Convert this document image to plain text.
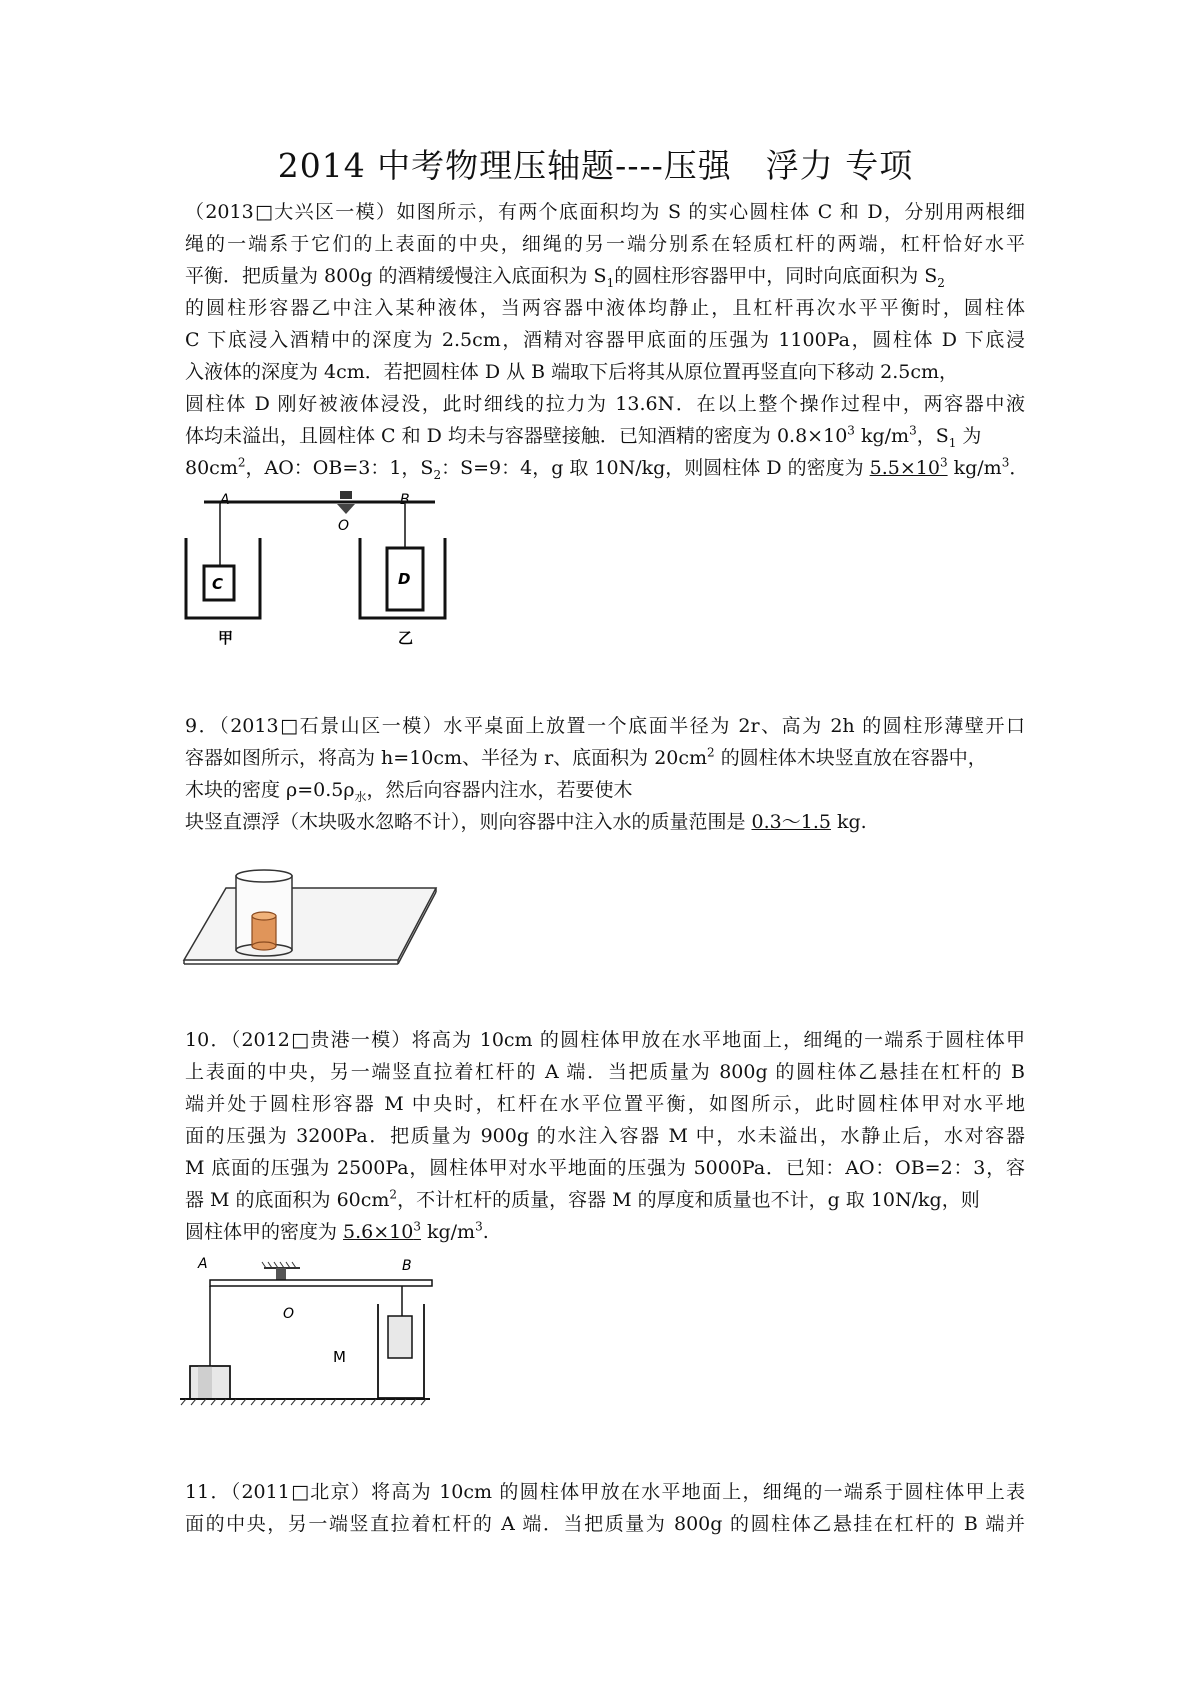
2014 中考物理压轴题----压强　浮力 专项
（2013□大兴区一模）如图所示，有两个底面积均为 S 的实心圆柱体 C 和 D，分别用两根细
绳的一端系于它们的上表面的中央，细绳的另一端分别系在轻质杠杆的两端，杠杆恰好水平
平衡．把质量为 800g 的酒精缓慢注入底面积为 $S_1$的圆柱形容器甲中，同时向底面积为 $S_2$
的圆柱形容器乙中注入某种液体，当两容器中液体均静止，且杠杆再次水平平衡时，圆柱体
C 下底浸入酒精中的深度为 2.5cm，酒精对容器甲底面的压强为 1100Pa，圆柱体 D 下底浸
入液体的深度为 4cm．若把圆柱体 D 从 B 端取下后将其从原位置再竖直向下移动 2.5cm，
圆柱体 D 刚好被液体浸没，此时细线的拉力为 13.6N．在以上整个操作过程中，两容器中液
体均未溢出，且圆柱体 C 和 D 均未与容器壁接触．已知酒精的密度为 $0.8\times 10^3$ $kg/m^3$，$S_1$ 为
$80cm^2$，AO：OB=3：1，$S_2$：S=9：4，g 取 10N/kg，则圆柱体 D 的密度为 $5.5\times 10^3$ $kg/m^3$．
A	B
O
C	D
甲	乙
9．（2013□石景山区一模）水平桌面上放置一个底面半径为 2r、高为 2h 的圆柱形薄壁开口
容器如图所示，将高为 h=10cm、半径为 r、底面积为 $20cm^2$ 的圆柱体木块竖直放在容器中，
木块的密度 $\rho=0.5\rho_水$，然后向容器内注水，若要使木
块竖直漂浮（木块吸水忽略不计），则向容器中注入水的质量范围是 0.3～1.5 kg.
10．（2012□贵港一模）将高为 10cm 的圆柱体甲放在水平地面上，细绳的一端系于圆柱体甲
上表面的中央，另一端竖直拉着杠杆的 A 端．当把质量为 800g 的圆柱体乙悬挂在杠杆的 B
端并处于圆柱形容器 M 中央时，杠杆在水平位置平衡，如图所示，此时圆柱体甲对水平地
面的压强为 3200Pa．把质量为 900g 的水注入容器 M 中，水未溢出，水静止后，水对容器
M 底面的压强为 2500Pa，圆柱体甲对水平地面的压强为 5000Pa．已知：AO：OB=2：3，容
器 M 的底面积为 $60cm^2$，不计杠杆的质量，容器 M 的厚度和质量也不计，g 取 10N/kg，则
圆柱体甲的密度为 $5.6\times 10^3$ $kg/m^3$.
A	B
O
M
11．（2011□北京）将高为 10cm 的圆柱体甲放在水平地面上，细绳的一端系于圆柱体甲上表
面的中央，另一端竖直拉着杠杆的 A 端．当把质量为 800g 的圆柱体乙悬挂在杠杆的 B 端并
